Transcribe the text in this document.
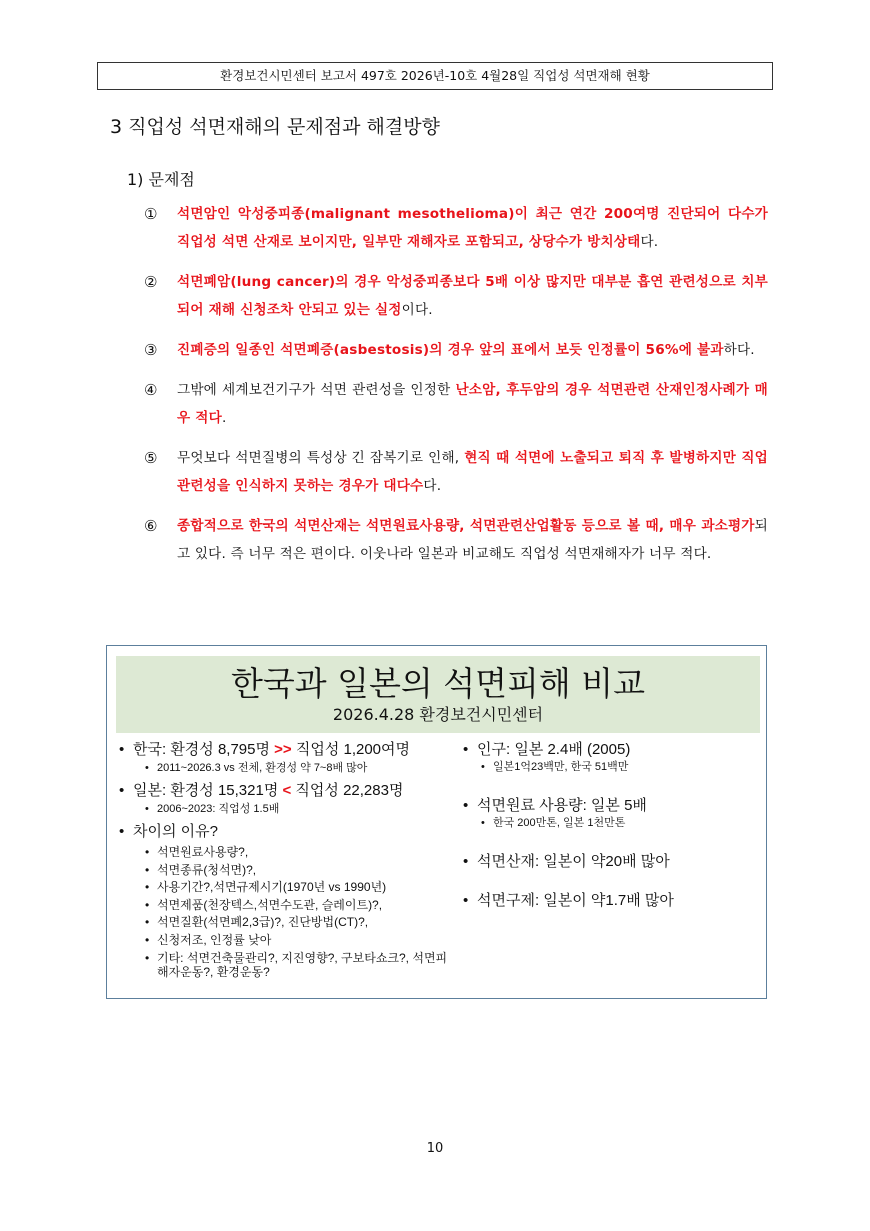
환경보건시민센터 보고서 497호 2026년-10호 4월28일 직업성 석면재해 현황
3 직업성 석면재해의 문제점과 해결방향
1) 문제점
① 석면암인 악성중피종(malignant mesothelioma)이 최근 연간 200여명 진단되어 다수가 직업성 석면 산재로 보이지만, 일부만 재해자로 포함되고, 상당수가 방치상태다.
② 석면폐암(lung cancer)의 경우 악성중피종보다 5배 이상 많지만 대부분 흡연 관련성으로 치부되어 재해 신청조차 안되고 있는 실정이다.
③ 진폐증의 일종인 석면폐증(asbestosis)의 경우 앞의 표에서 보듯 인정률이 56%에 불과하다.
④ 그밖에 세계보건기구가 석면 관련성을 인정한 난소암, 후두암의 경우 석면관련 산재인정사례가 매우 적다.
⑤ 무엇보다 석면질병의 특성상 긴 잠복기로 인해, 현직 때 석면에 노출되고 퇴직 후 발병하지만 직업관련성을 인식하지 못하는 경우가 대다수다.
⑥ 종합적으로 한국의 석면산재는 석면원료사용량, 석면관련산업활동 등으로 볼 때, 매우 과소평가되고 있다. 즉 너무 적은 편이다. 이웃나라 일본과 비교해도 직업성 석면재해자가 너무 적다.
한국과 일본의 석면피해 비교
2026.4.28 환경보건시민센터
• 한국: 환경성 8,795명 >> 직업성 1,200여명
• 2011~2026.3 vs 전체, 환경성 약 7~8배 많아
• 일본: 환경성 15,321명 < 직업성 22,283명
• 2006~2023: 직업성 1.5배
• 차이의 이유?
• 석면원료사용량?,
• 석면종류(청석면)?,
• 사용기간?,석면규제시기(1970년 vs 1990년)
• 석면제품(천장텍스,석면수도관, 슬레이트)?,
• 석면질환(석면폐2,3급)?, 진단방법(CT)?,
• 신청저조, 인정률 낮아
• 기타: 석면건축물관리?, 지진영향?, 구보타쇼크?, 석면피해자운동?, 환경운동?
• 인구: 일본 2.4배 (2005)
• 일본1억23백만, 한국 51백만
• 석면원료 사용량: 일본 5배
• 한국 200만톤, 일본 1천만톤
• 석면산재: 일본이 약20배 많아
• 석면구제: 일본이 약1.7배 많아
10
